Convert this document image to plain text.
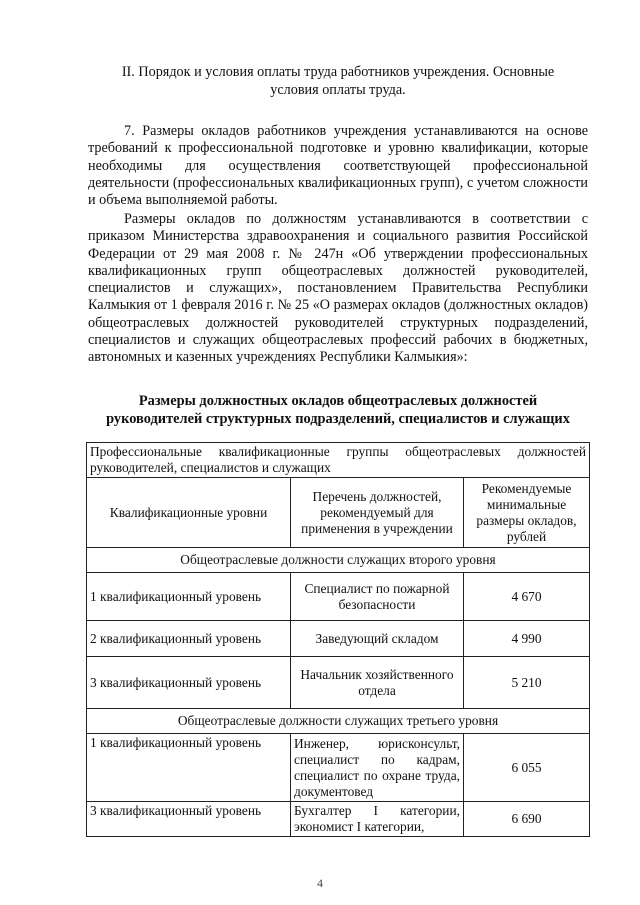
II. Порядок и условия оплаты труда работников учреждения. Основные
условия оплаты труда.

7. Размеры окладов работников учреждения устанавливаются на основе требований к профессиональной подготовке и уровню квалификации, которые необходимы для осуществления соответствующей профессиональной деятельности (профессиональных квалификационных групп), с учетом сложности и объема выполняемой работы.

Размеры окладов по должностям устанавливаются в соответствии с приказом Министерства здравоохранения и социального развития Российской Федерации от 29 мая 2008 г. № 247н «Об утверждении профессиональных квалификационных групп общеотраслевых должностей руководителей, специалистов и служащих», постановлением Правительства Республики Калмыкия от 1 февраля 2016 г. № 25 «О размерах окладов (должностных окладов) общеотраслевых должностей руководителей структурных подразделений, специалистов и служащих общеотраслевых профессий рабочих в бюджетных, автономных и казенных учреждениях Республики Калмыкия»:

Размеры должностных окладов общеотраслевых должностей
руководителей структурных подразделений, специалистов и служащих
Профессиональные квалификационные группы общеотраслевых должностей руководителей, специалистов и служащих		
Квалификационные уровни	Перечень должностей, рекомендуемый для применения в учреждении	Рекомендуемые минимальные размеры окладов, рублей
Общеотраслевые должности служащих второго уровня		
1 квалификационный уровень	Специалист по пожарной безопасности	4 670
2 квалификационный уровень	Заведующий складом	4 990
3 квалификационный уровень	Начальник хозяйственного отдела	5 210
Общеотраслевые должности служащих третьего уровня		
1 квалификационный уровень	Инженер, юрисконсульт, специалист по кадрам, специалист по охране труда, документовед	6 055
3 квалификационный уровень	Бухгалтер I категории, экономист I категории,	6 690
4
